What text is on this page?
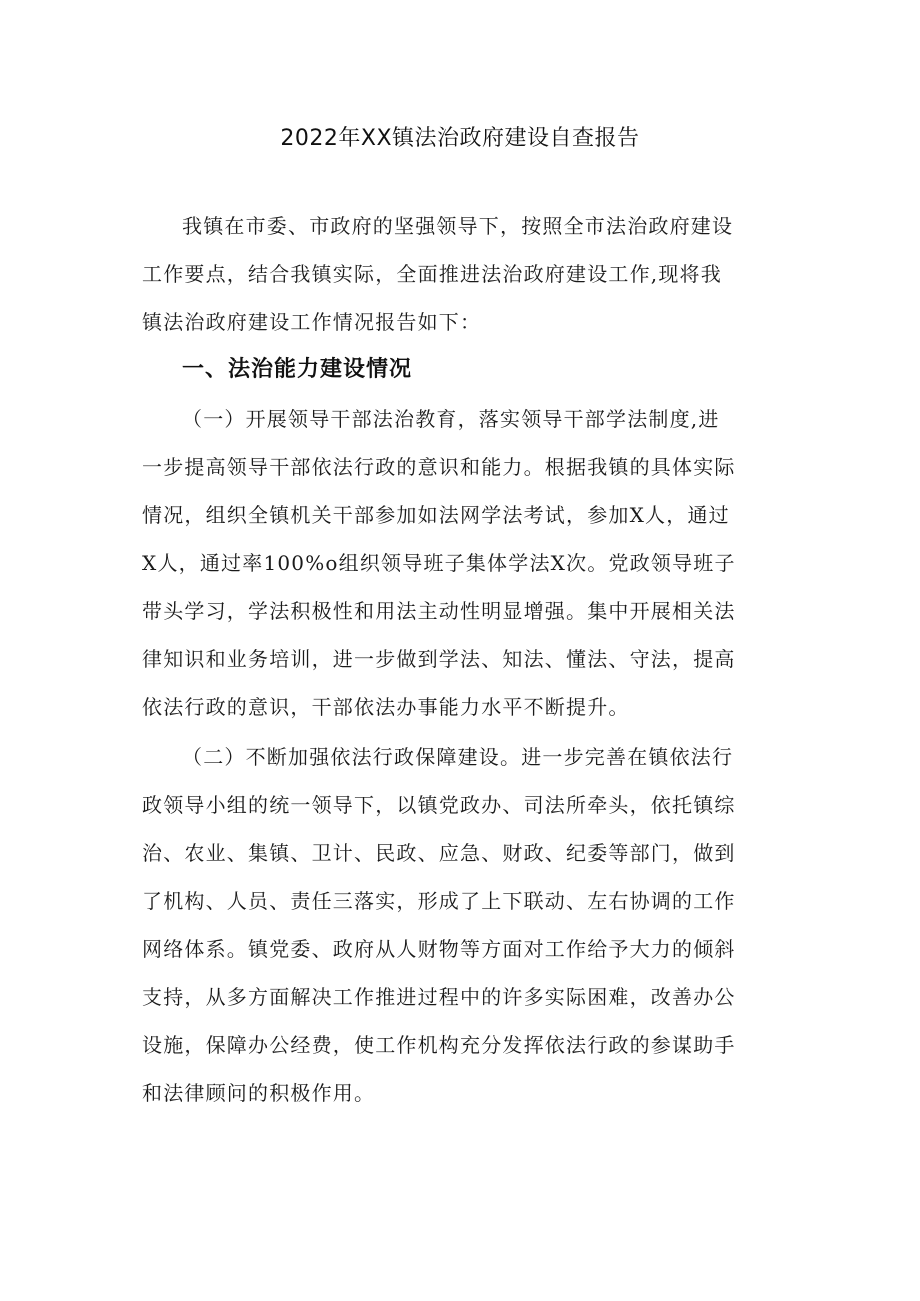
2022年XX镇法治政府建设自查报告

我镇在市委、市政府的坚强领导下，按照全市法治政府建设
工作要点，结合我镇实际，全面推进法治政府建设工作,现将我
镇法治政府建设工作情况报告如下：

一、法治能力建设情况

（一）开展领导干部法治教育，落实领导干部学法制度,进
一步提高领导干部依法行政的意识和能力。根据我镇的具体实际
情况，组织全镇机关干部参加如法网学法考试，参加X人，通过
X人，通过率100%o组织领导班子集体学法X次。党政领导班子
带头学习，学法积极性和用法主动性明显增强。集中开展相关法
律知识和业务培训，进一步做到学法、知法、懂法、守法，提高
依法行政的意识，干部依法办事能力水平不断提升。

（二）不断加强依法行政保障建设。进一步完善在镇依法行
政领导小组的统一领导下，以镇党政办、司法所牵头，依托镇综
治、农业、集镇、卫计、民政、应急、财政、纪委等部门，做到
了机构、人员、责任三落实，形成了上下联动、左右协调的工作
网络体系。镇党委、政府从人财物等方面对工作给予大力的倾斜
支持，从多方面解决工作推进过程中的许多实际困难，改善办公
设施，保障办公经费，使工作机构充分发挥依法行政的参谋助手
和法律顾问的积极作用。
